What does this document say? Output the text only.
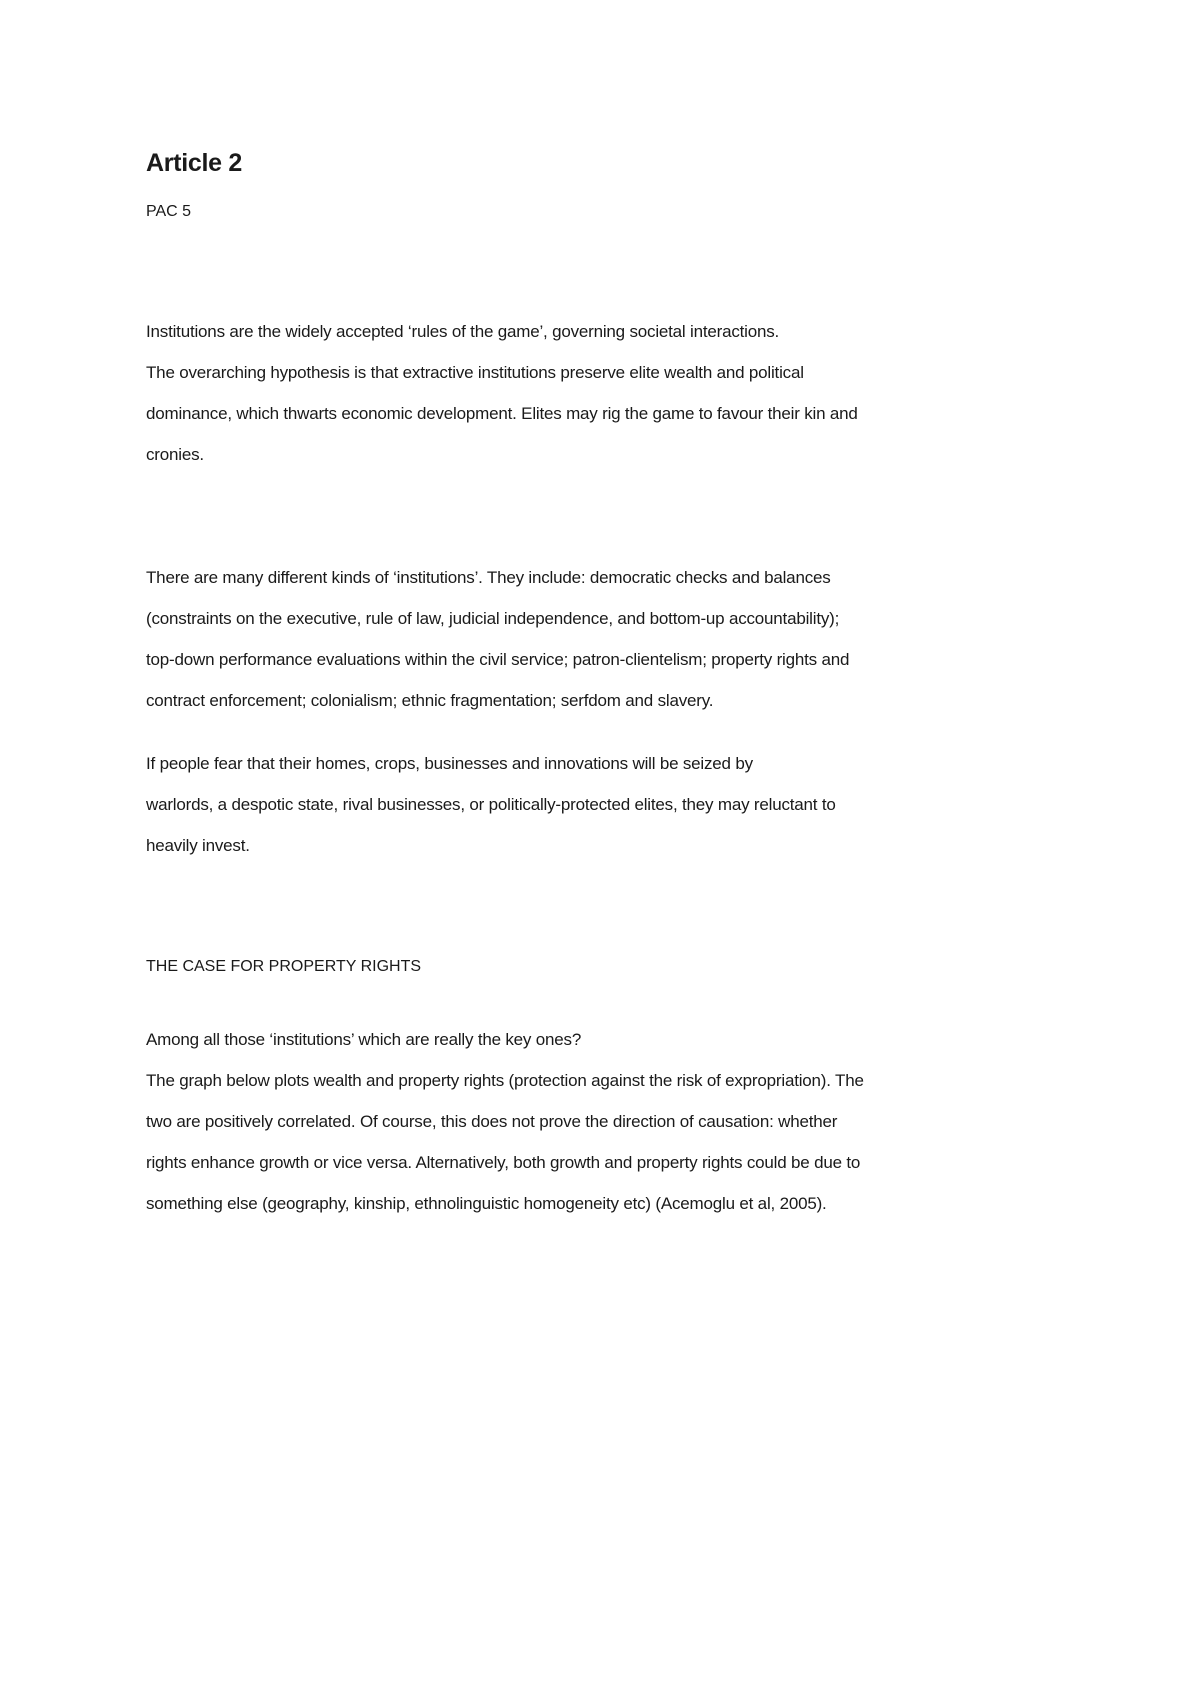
Article 2

PAC 5

Institutions are the widely accepted ‘rules of the game’, governing societal interactions.
The overarching hypothesis is that extractive institutions preserve elite wealth and political
dominance, which thwarts economic development. Elites may rig the game to favour their kin and
cronies.
There are many different kinds of ‘institutions’. They include: democratic checks and balances
(constraints on the executive, rule of law, judicial independence, and bottom-up accountability);
top-down performance evaluations within the civil service; patron-clientelism; property rights and
contract enforcement; colonialism; ethnic fragmentation; serfdom and slavery.
If people fear that their homes, crops, businesses and innovations will be seized by
warlords, a despotic state, rival businesses, or politically-protected elites, they may reluctant to
heavily invest.

THE CASE FOR PROPERTY RIGHTS

Among all those ‘institutions’ which are really the key ones?
The graph below plots wealth and property rights (protection against the risk of expropriation). The
two are positively correlated. Of course, this does not prove the direction of causation: whether
rights enhance growth or vice versa. Alternatively, both growth and property rights could be due to
something else (geography, kinship, ethnolinguistic homogeneity etc) (Acemoglu et al, 2005).
